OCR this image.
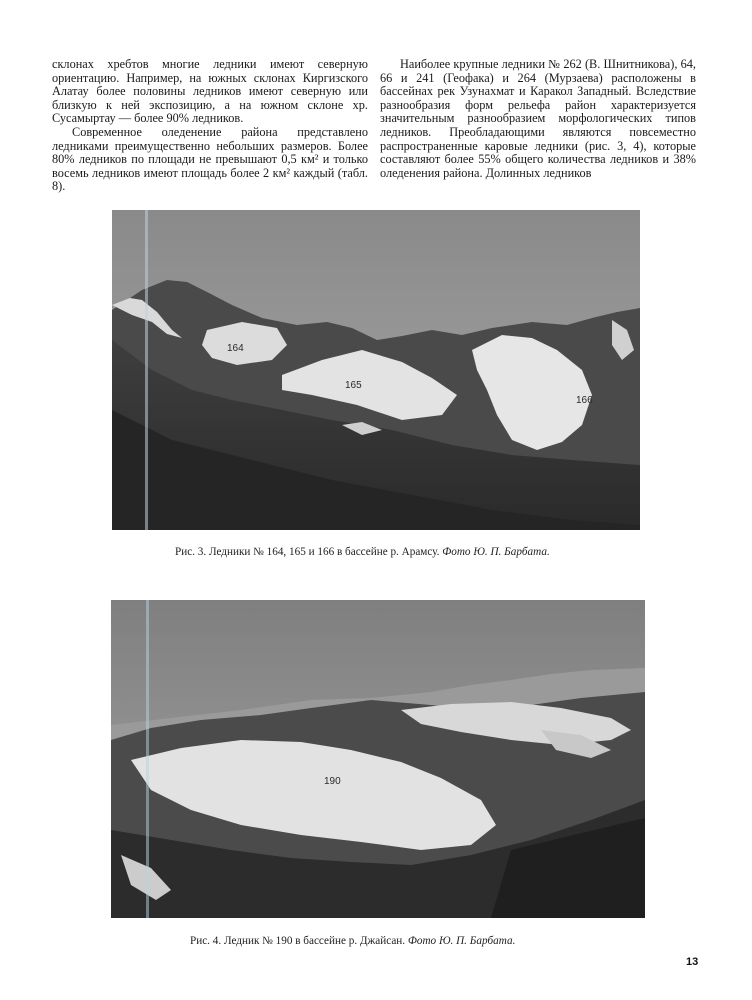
склонах хребтов многие ледники имеют северную ориентацию. Например, на южных склонах Киргизского Алатау более половины ледников имеют северную или близкую к ней экспозицию, а на южном склоне хр. Сусамыртау — более 90% ледников.

Современное оледенение района представлено ледниками преимущественно небольших размеров. Более 80% ледников по площади не превышают 0,5 км² и только восемь ледников имеют площадь более 2 км² каждый (табл. 8).

Наиболее крупные ледники № 262 (В. Шнитникова), 64, 66 и 241 (Геофака) и 264 (Мурзаева) расположены в бассейнах рек Узунахмат и Каракол Западный. Вследствие разнообразия форм рельефа район характеризуется значительным разнообразием морфологических типов ледников. Преобладающими являются повсеместно распространенные каровые ледники (рис. 3, 4), которые составляют более 55% общего количества ледников и 38% оледенения района. Долинных ледников

164
165
166
Рис. 3. Ледники № 164, 165 и 166 в бассейне р. Арамсу. Фото Ю. П. Барбата.
190
Рис. 4. Ледник № 190 в бассейне р. Джайсан. Фото Ю. П. Барбата.
13
